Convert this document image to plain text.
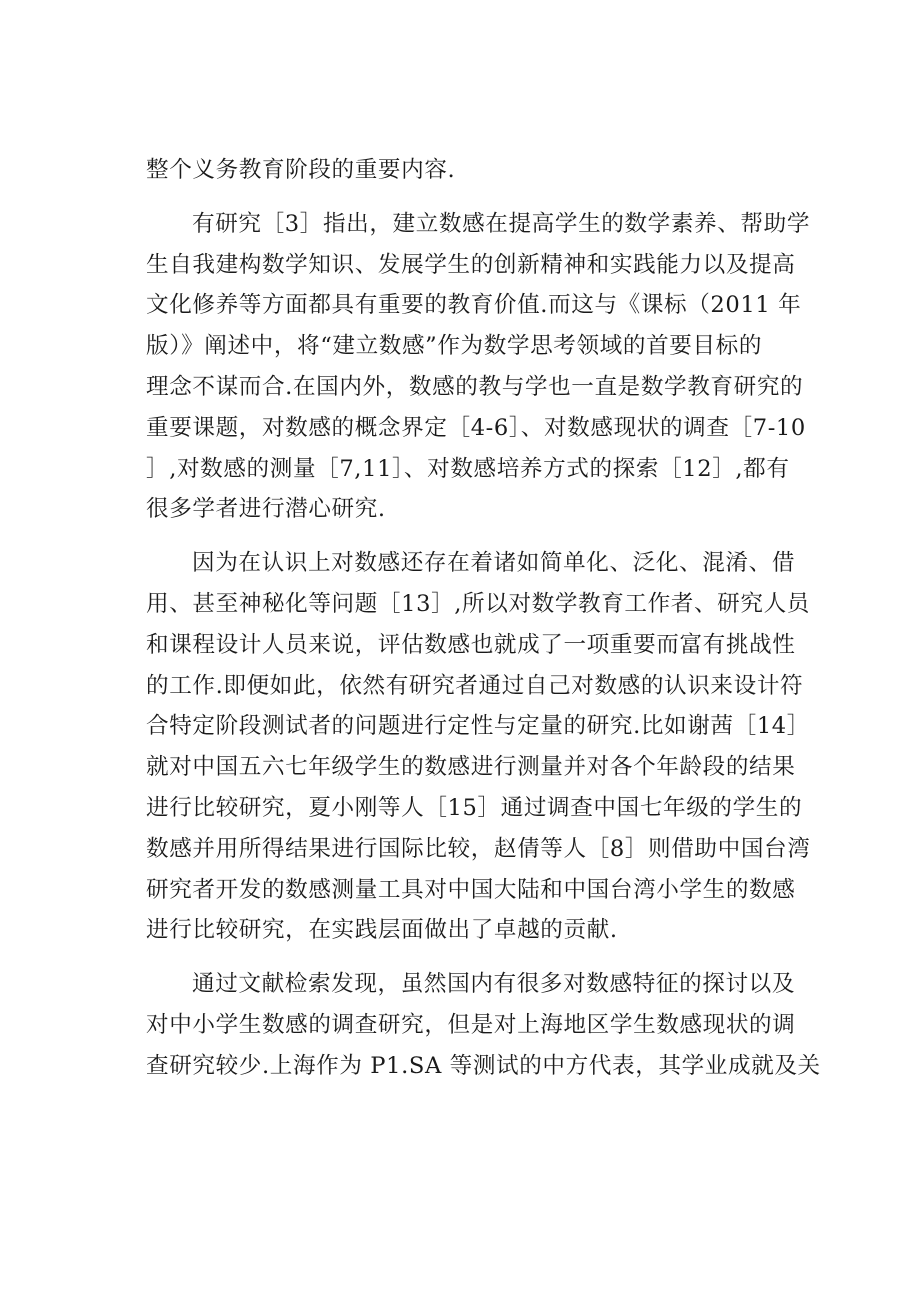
整个义务教育阶段的重要内容.
有研究［3］指出，建立数感在提高学生的数学素养、帮助学
生自我建构数学知识、发展学生的创新精神和实践能力以及提高
文化修养等方面都具有重要的教育价值.而这与《课标（2011 年
版）》阐述中，将“建立数感”作为数学思考领域的首要目标的
理念不谋而合.在国内外，数感的教与学也一直是数学教育研究的
重要课题，对数感的概念界定［4-6］、对数感现状的调查［7-10
］,对数感的测量［7,11］、对数感培养方式的探索［12］,都有
很多学者进行潜心研究.
因为在认识上对数感还存在着诸如简单化、泛化、混淆、借
用、甚至神秘化等问题［13］,所以对数学教育工作者、研究人员
和课程设计人员来说，评估数感也就成了一项重要而富有挑战性
的工作.即便如此，依然有研究者通过自己对数感的认识来设计符
合特定阶段测试者的问题进行定性与定量的研究.比如谢茜［14］
就对中国五六七年级学生的数感进行测量并对各个年龄段的结果
进行比较研究，夏小刚等人［15］通过调查中国七年级的学生的
数感并用所得结果进行国际比较，赵倩等人［8］则借助中国台湾
研究者开发的数感测量工具对中国大陆和中国台湾小学生的数感
进行比较研究，在实践层面做出了卓越的贡献.
通过文献检索发现，虽然国内有很多对数感特征的探讨以及
对中小学生数感的调查研究，但是对上海地区学生数感现状的调
查研究较少.上海作为 P1.SA 等测试的中方代表，其学业成就及关
